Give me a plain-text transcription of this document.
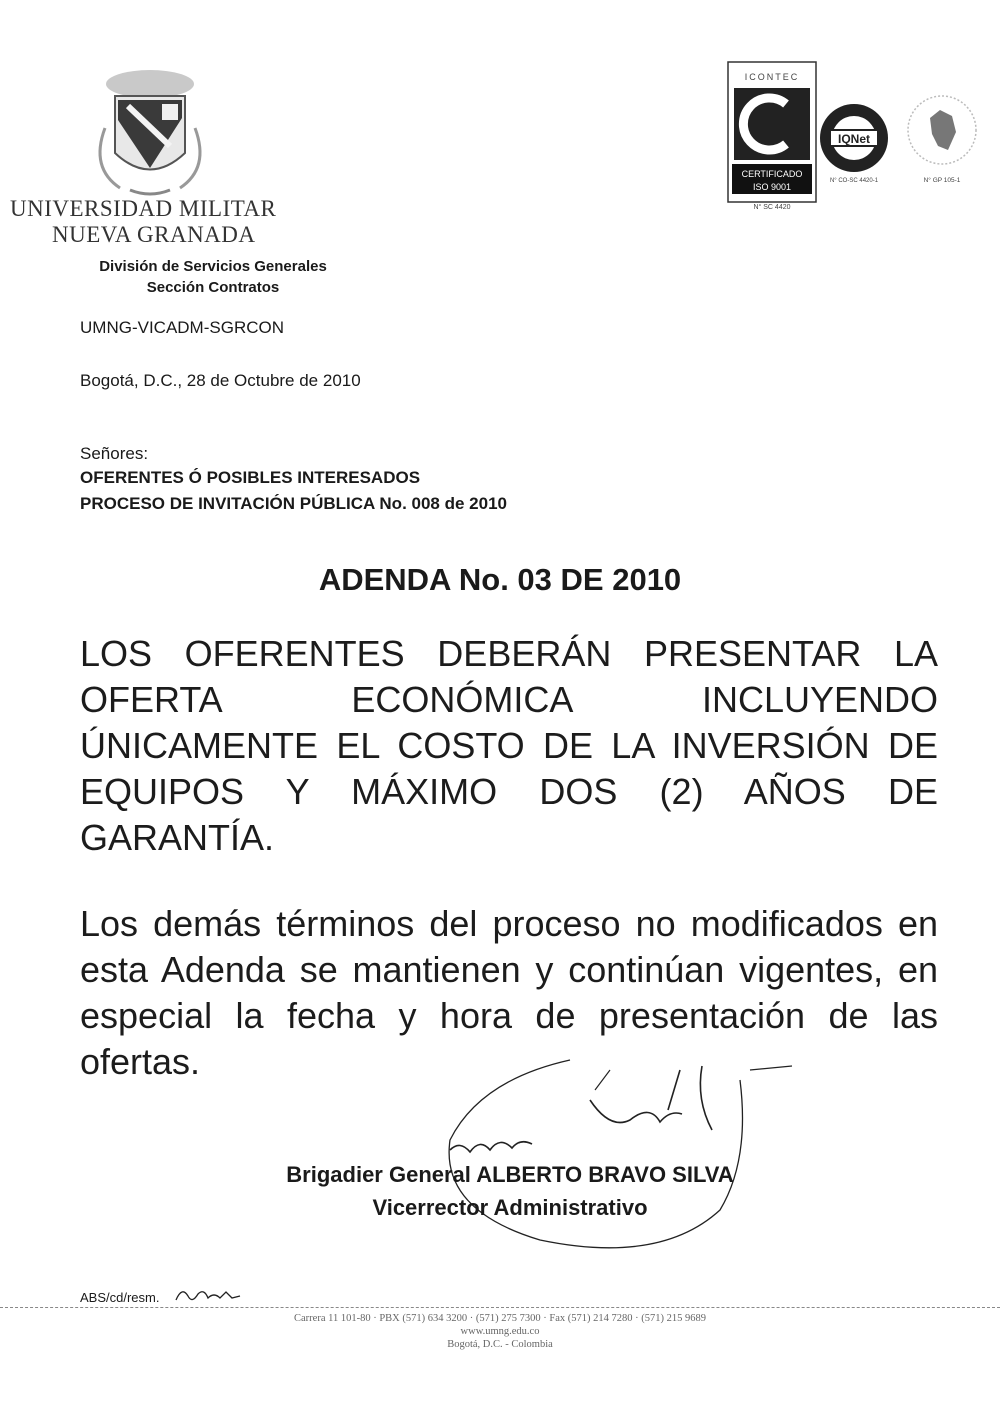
UNIVERSIDAD MILITAR
NUEVA GRANADA
División de Servicios Generales
Sección Contratos
ICONTEC
CERTIFICADO
ISO 9001
N° SC 4420
IQNet
N° CO-SC 4420-1	N° GP 105-1
UMNG-VICADM-SGRCON
Bogotá, D.C., 28 de Octubre de 2010
Señores:
OFERENTES Ó POSIBLES INTERESADOS
PROCESO DE INVITACIÓN PÚBLICA No. 008 de 2010
ADENDA No. 03 DE 2010
LOS OFERENTES DEBERÁN PRESENTAR LA OFERTA ECONÓMICA INCLUYENDO ÚNICAMENTE EL COSTO DE LA INVERSIÓN DE EQUIPOS Y MÁXIMO DOS (2) AÑOS DE GARANTÍA.
Los demás términos del proceso no modificados en esta Adenda se mantienen y continúan vigentes, en especial la fecha y hora de presentación de las ofertas.
Brigadier General ALBERTO BRAVO SILVA
Vicerrector Administrativo
ABS/cd/resm.
Carrera 11 101-80 · PBX (571) 634 3200 · (571) 275 7300 · Fax (571) 214 7280 · (571) 215 9689
www.umng.edu.co
Bogotá, D.C. - Colombia
